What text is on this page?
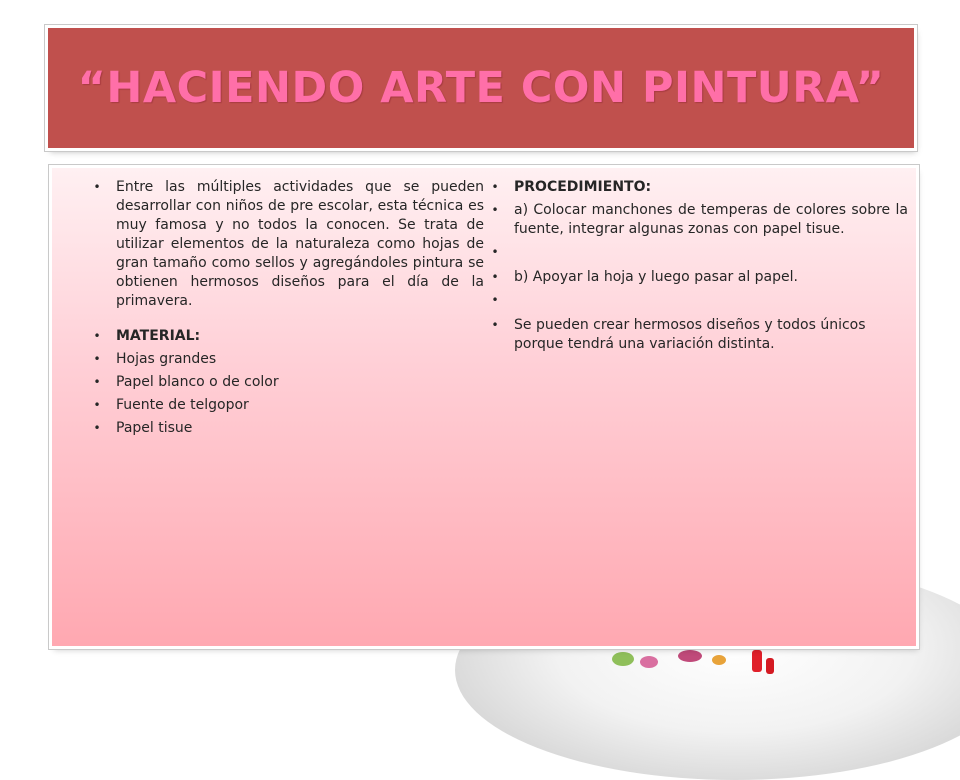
“HACIENDO ARTE CON PINTURA”
• Entre las múltiples actividades que se pueden desarrollar con niños de pre escolar, esta técnica es muy famosa y no todos la conocen. Se trata de utilizar elementos de la naturaleza como hojas de gran tamaño como sellos y agregándoles pintura se obtienen hermosos diseños para el día de la primavera.
• MATERIAL:
• Hojas grandes
• Papel blanco o de color
• Fuente de telgopor
• Papel tisue
• PROCEDIMIENTO:
• a) Colocar manchones de temperas de colores sobre la fuente, integrar algunas zonas con papel tisue.
•
• b) Apoyar la hoja y luego pasar al papel.
•
• Se pueden crear hermosos diseños y todos únicos porque tendrá una variación distinta.
